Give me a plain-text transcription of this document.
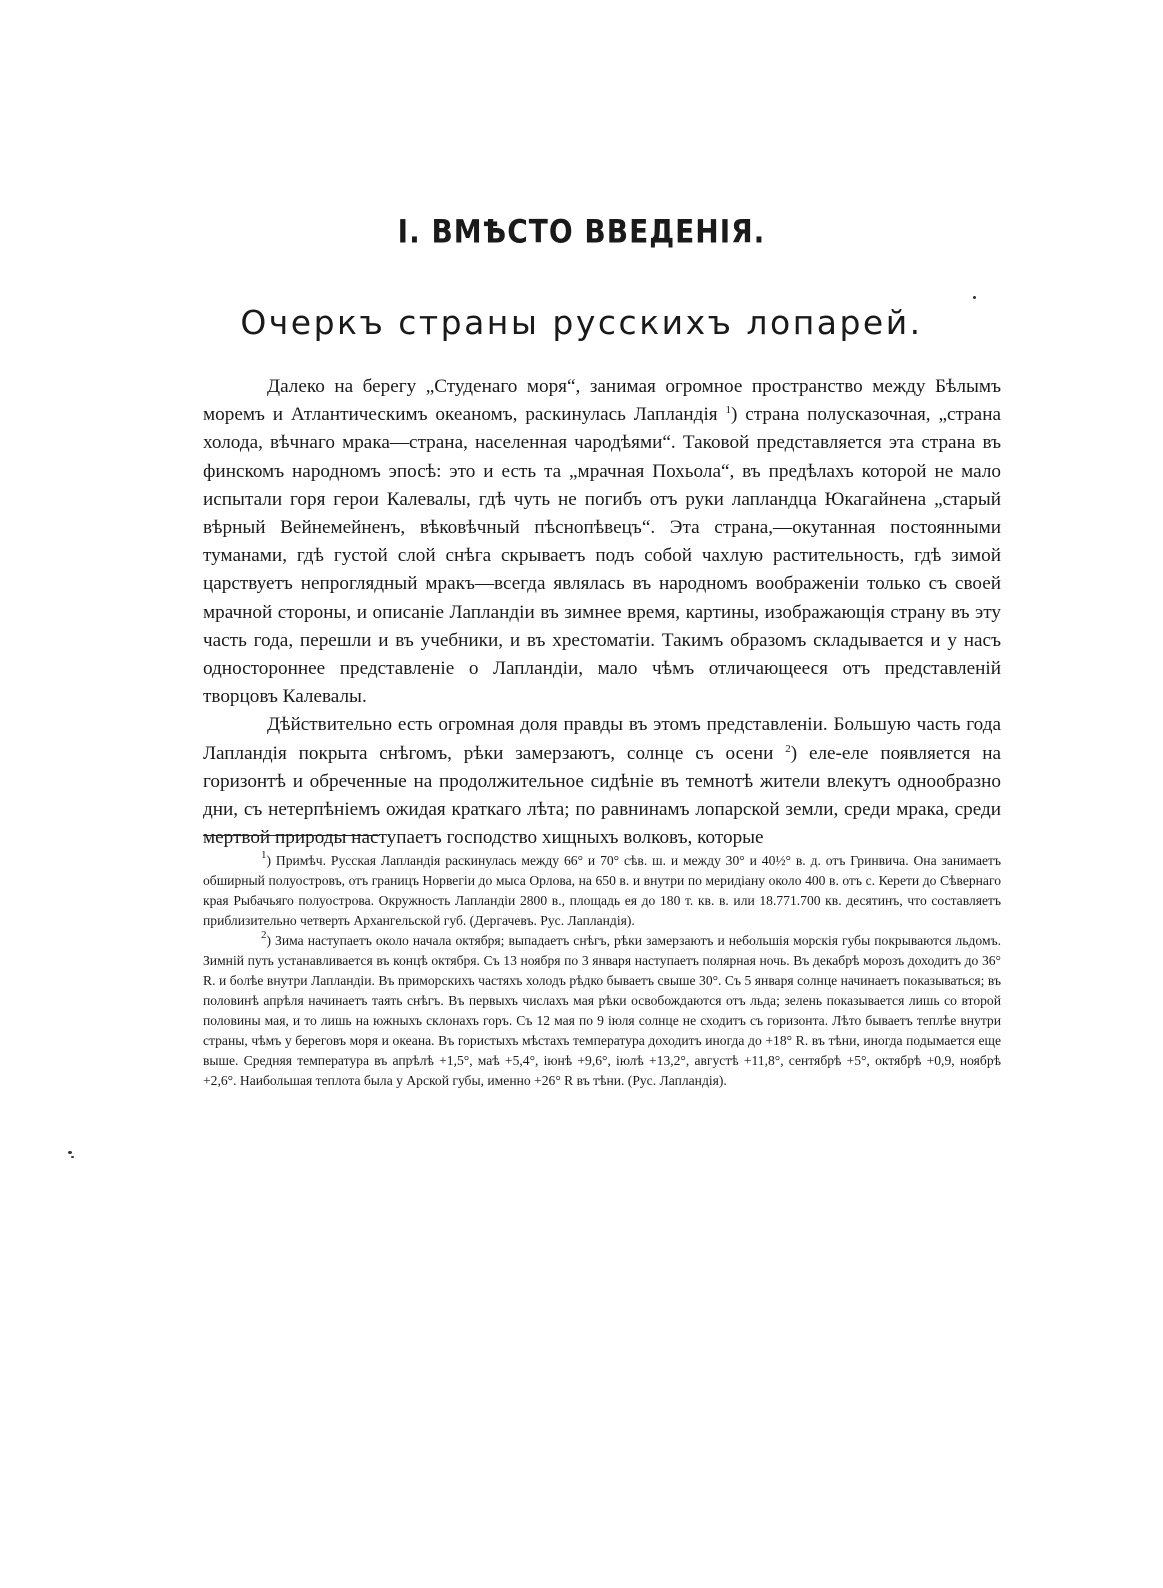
I. ВМѢСТО ВВЕДЕНІЯ.
Очеркъ страны русскихъ лопарей.

Далеко на берегу „Студенаго моря“, занимая огромное пространство между Бѣлымъ моремъ и Атлантическимъ океаномъ, раскинулась Лапландія $^1$) страна полусказочная, „страна холода, вѣчнаго мрака—страна, населенная чародѣями“. Таковой представляется эта страна въ финскомъ народномъ эпосѣ: это и есть та „мрачная Похьола“, въ предѣлахъ которой не мало испытали горя герои Калевалы, гдѣ чуть не погибъ отъ руки лапландца Юкагайнена „старый вѣрный Вейнемейненъ, вѣковѣчный пѣснопѣвецъ“. Эта страна,—окутанная постоянными туманами, гдѣ густой слой снѣга скрываетъ подъ собой чахлую растительность, гдѣ зимой царствуетъ непроглядный мракъ—всегда являлась въ народномъ воображеніи только съ своей мрачной стороны, и описаніе Лапландіи въ зимнее время, картины, изображающія страну въ эту часть года, перешли и въ учебники, и въ хрестоматіи. Такимъ образомъ складывается и у насъ одностороннее представленіе о Лапландіи, мало чѣмъ отличающееся отъ представленій творцовъ Калевалы.

Дѣйствительно есть огромная доля правды въ этомъ представленіи. Большую часть года Лапландія покрыта снѣгомъ, рѣки замерзаютъ, солнце съ осени $^2$) еле-еле появляется на горизонтѣ и обреченные на продолжительное сидѣніе въ темнотѣ жители влекутъ однообразно дни, съ нетерпѣніемъ ожидая краткаго лѣта; по равнинамъ лопарской земли, среди мрака, среди мертвой природы наступаетъ господство хищныхъ волковъ, которые

$^1$) Примѣч. Русская Лапландія раскинулась между 66° и 70° сѣв. ш. и между 30° и 40½° в. д. отъ Гринвича. Она занимаетъ обширный полуостровъ, отъ границъ Норвегіи до мыса Орлова, на 650 в. и внутри по меридіану около 400 в. отъ с. Керети до Сѣвернаго края Рыбачьяго полуострова. Окружность Лапландіи 2800 в., площадь ея до 180 т. кв. в. или 18.771.700 кв. десятинъ, что составляетъ приблизительно четверть Архангельской губ. (Дергачевъ. Рус. Лапландія).

$^2$) Зима наступаетъ около начала октября; выпадаетъ снѣгъ, рѣки замерзаютъ и небольшія морскія губы покрываются льдомъ. Зимній путь устанавливается въ концѣ октября. Съ 13 ноября по 3 января наступаетъ полярная ночь. Въ декабрѣ морозъ доходитъ до 36° R. и болѣе внутри Лапландіи. Въ приморскихъ частяхъ холодъ рѣдко бываетъ свыше 30°. Съ 5 января солнце начинаетъ показываться; въ половинѣ апрѣля начинаетъ таять снѣгъ. Въ первыхъ числахъ мая рѣки освобождаются отъ льда; зелень показывается лишь со второй половины мая, и то лишь на южныхъ склонахъ горъ. Съ 12 мая по 9 іюля солнце не сходитъ съ горизонта. Лѣто бываетъ теплѣе внутри страны, чѣмъ у береговъ моря и океана. Въ гористыхъ мѣстахъ температура доходитъ иногда до +18° R. въ тѣни, иногда подымается еще выше. Средняя температура въ апрѣлѣ +1,5°, маѣ +5,4°, іюнѣ +9,6°, іюлѣ +13,2°, августѣ +11,8°, сентябрѣ +5°, октябрѣ +0,9, ноябрѣ +2,6°. Наибольшая теплота была у Арской губы, именно +26° R въ тѣни. (Рус. Лапландія).
